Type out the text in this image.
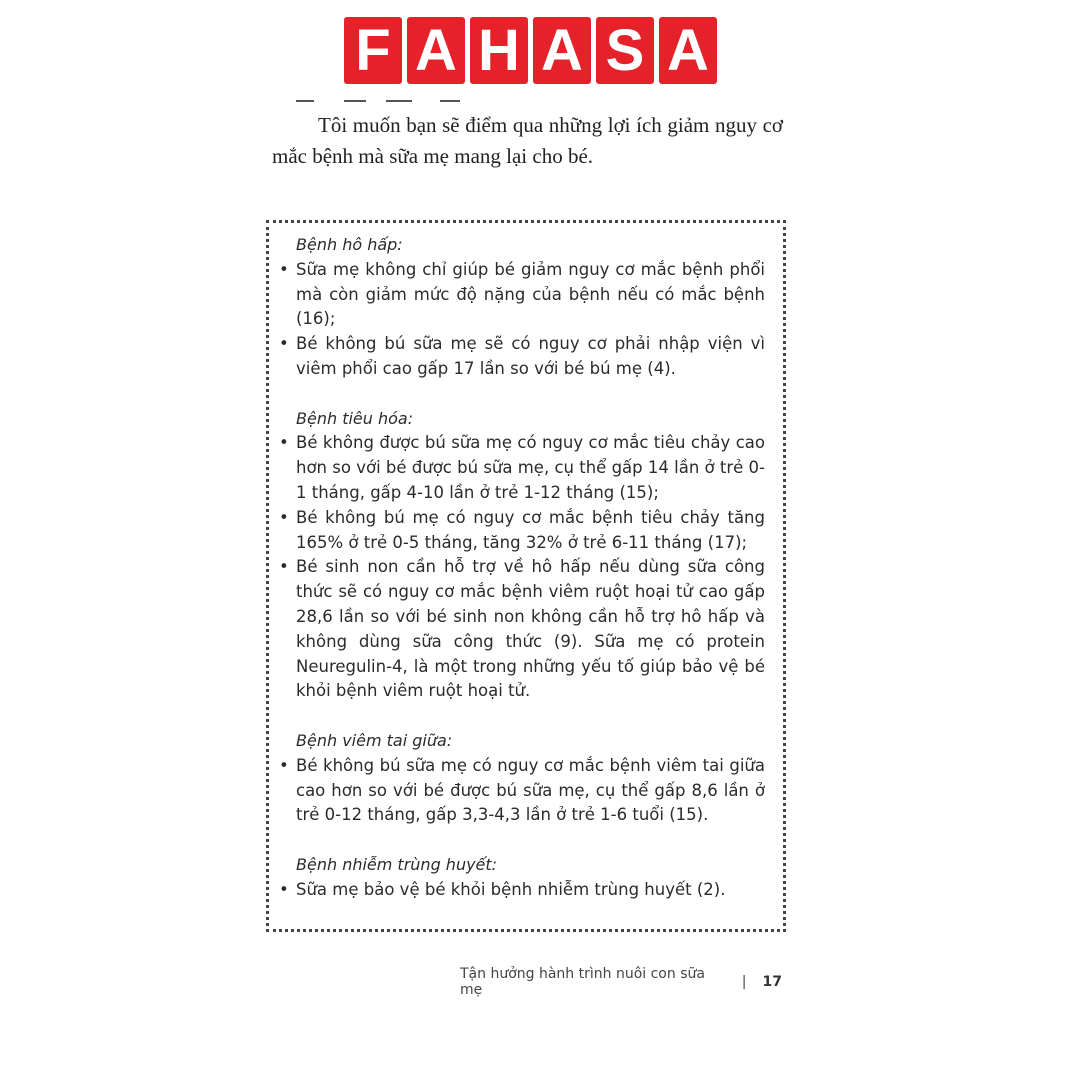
F A H A S A

Tôi muốn bạn sẽ điểm qua những lợi ích giảm nguy cơ mắc bệnh mà sữa mẹ mang lại cho bé.

Bệnh hô hấp:
• Sữa mẹ không chỉ giúp bé giảm nguy cơ mắc bệnh phổi mà còn giảm mức độ nặng của bệnh nếu có mắc bệnh (16);
• Bé không bú sữa mẹ sẽ có nguy cơ phải nhập viện vì viêm phổi cao gấp 17 lần so với bé bú mẹ (4).
Bệnh tiêu hóa:
• Bé không được bú sữa mẹ có nguy cơ mắc tiêu chảy cao hơn so với bé được bú sữa mẹ, cụ thể gấp 14 lần ở trẻ 0-1 tháng, gấp 4-10 lần ở trẻ 1-12 tháng (15);
• Bé không bú mẹ có nguy cơ mắc bệnh tiêu chảy tăng 165% ở trẻ 0-5 tháng, tăng 32% ở trẻ 6-11 tháng (17);
• Bé sinh non cần hỗ trợ về hô hấp nếu dùng sữa công thức sẽ có nguy cơ mắc bệnh viêm ruột hoại tử cao gấp 28,6 lần so với bé sinh non không cần hỗ trợ hô hấp và không dùng sữa công thức (9). Sữa mẹ có protein Neuregulin-4, là một trong những yếu tố giúp bảo vệ bé khỏi bệnh viêm ruột hoại tử.
Bệnh viêm tai giữa:
• Bé không bú sữa mẹ có nguy cơ mắc bệnh viêm tai giữa cao hơn so với bé được bú sữa mẹ, cụ thể gấp 8,6 lần ở trẻ 0-12 tháng, gấp 3,3-4,3 lần ở trẻ 1-6 tuổi (15).
Bệnh nhiễm trùng huyết:
• Sữa mẹ bảo vệ bé khỏi bệnh nhiễm trùng huyết (2).
Tận hưởng hành trình nuôi con sữa mẹ	| 17
